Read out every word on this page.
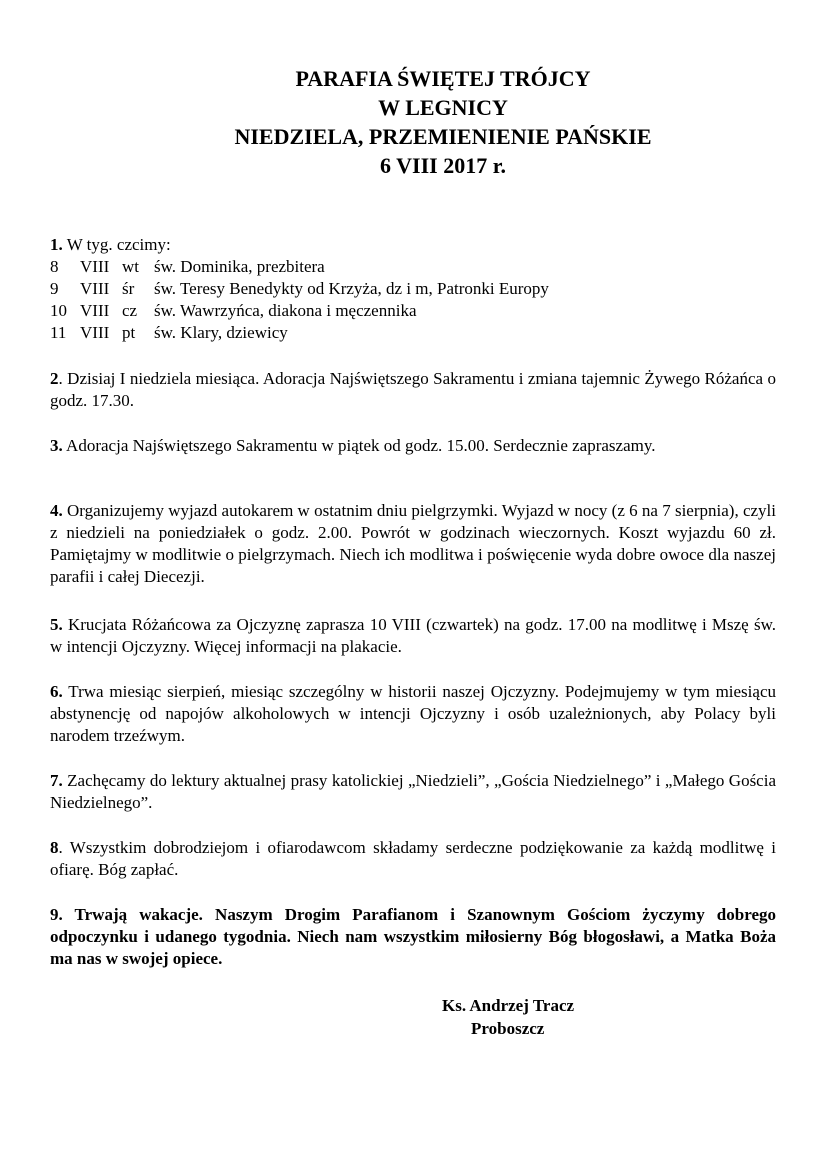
PARAFIA ŚWIĘTEJ TRÓJCY
W LEGNICY
NIEDZIELA, PRZEMIENIENIE PAŃSKIE
6 VIII 2017 r.
1. W tyg. czcimy:
8	VIII wt św. Dominika, prezbitera
9	VIII śr	św. Teresy Benedykty od Krzyża, dz i m, Patronki Europy
10 VIII cz św. Wawrzyńca, diakona i męczennika
11 VIII pt	św. Klary, dziewicy
2. Dzisiaj I niedziela miesiąca. Adoracja Najświętszego Sakramentu i zmiana tajemnic Żywego Różańca o godz. 17.30.
3. Adoracja Najświętszego Sakramentu w piątek od godz. 15.00. Serdecznie zapraszamy.
4. Organizujemy wyjazd autokarem w ostatnim dniu pielgrzymki. Wyjazd w nocy (z 6 na 7 sierpnia), czyli z niedzieli na poniedziałek o godz. 2.00. Powrót w godzinach wieczornych. Koszt wyjazdu 60 zł. Pamiętajmy w modlitwie o pielgrzymach. Niech ich modlitwa i poświęcenie wyda dobre owoce dla naszej parafii i całej Diecezji.
5. Krucjata Różańcowa za Ojczyznę zaprasza 10 VIII (czwartek) na godz. 17.00 na modlitwę i Mszę św. w intencji Ojczyzny. Więcej informacji na plakacie.
6. Trwa miesiąc sierpień, miesiąc szczególny w historii naszej Ojczyzny. Podejmujemy w tym miesiącu abstynencję od napojów alkoholowych w intencji Ojczyzny i osób uzależnionych, aby Polacy byli narodem trzeźwym.
7. Zachęcamy do lektury aktualnej prasy katolickiej „Niedzieli”, „Gościa Niedzielnego” i „Małego Gościa Niedzielnego”.
8. Wszystkim dobrodziejom i ofiarodawcom składamy serdeczne podziękowanie za każdą modlitwę i ofiarę. Bóg zapłać.
9. Trwają wakacje. Naszym Drogim Parafianom i Szanownym Gościom życzymy dobrego odpoczynku i udanego tygodnia. Niech nam wszystkim miłosierny Bóg błogosławi, a Matka Boża ma nas w swojej opiece.
Ks. Andrzej Tracz
Proboszcz
